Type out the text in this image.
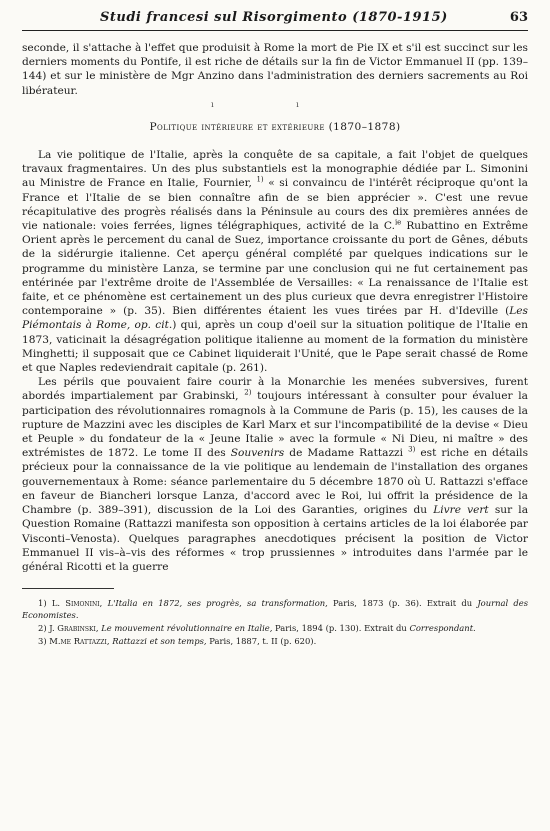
Studi francesi sul Risorgimento (1870-1915)	63

seconde, il s'attache à l'effet que produisit à Rome la mort de Pie IX et s'il est succinct sur les derniers moments du Pontife, il est riche de détails sur la fin de Victor Emmanuel II (pp. 139–144) et sur le ministère de Mgr Anzino dans l'administration des derniers sacrements au Roi libérateur.

ı ı
Politique intérieure et extérieure (1870–1878)

La vie politique de l'Italie, après la conquête de sa capitale, a fait l'objet de quelques travaux fragmentaires. Un des plus substantiels est la monographie dédiée par L. Simonini au Ministre de France en Italie, Fournier, $^{1)}$ « si convaincu de l'intérêt réciproque qu'ont la France et l'Italie de se bien connaître afin de se bien apprécier ». C'est une revue récapitulative des progrès réalisés dans la Péninsule au cours des dix premières années de vie nationale: voies ferrées, lignes télégraphiques, activité de la C.$^{ie}$ Rubattino en Extrême Orient après le percement du canal de Suez, importance croissante du port de Gênes, débuts de la sidérurgie italienne. Cet aperçu général complété par quelques indications sur le programme du ministère Lanza, se termine par une conclusion qui ne fut certainement pas entérinée par l'extrême droite de l'Assemblée de Versailles: « La renaissance de l'Italie est faite, et ce phénomène est certainement un des plus curieux que devra enregistrer l'Histoire contemporaine » (p. 35). Bien différentes étaient les vues tirées par H. d'Ideville (Les Piémontais à Rome, op. cit.) qui, après un coup d'oeil sur la situation politique de l'Italie en 1873, vaticinait la désagrégation politique italienne au moment de la formation du ministère Minghetti; il supposait que ce Cabinet liquiderait l'Unité, que le Pape serait chassé de Rome et que Naples redeviendrait capitale (p. 261).

Les périls que pouvaient faire courir à la Monarchie les menées subversives, furent abordés impartialement par Grabinski, $^{2)}$ toujours intéressant à consulter pour évaluer la participation des révolutionnaires romagnols à la Commune de Paris (p. 15), les causes de la rupture de Mazzini avec les disciples de Karl Marx et sur l'incompatibilité de la devise « Dieu et Peuple » du fondateur de la « Jeune Italie » avec la formule « Ni Dieu, ni maître » des extrémistes de 1872. Le tome II des Souvenirs de Madame Rattazzi $^{3)}$ est riche en détails précieux pour la connaissance de la vie politique au lendemain de l'installation des organes gouvernementaux à Rome: séance parlementaire du 5 décembre 1870 où U. Rattazzi s'efface en faveur de Biancheri lorsque Lanza, d'accord avec le Roi, lui offrit la présidence de la Chambre (p. 389–391), discussion de la Loi des Garanties, origines du Livre vert sur la Question Romaine (Rattazzi manifesta son opposition à certains articles de la loi élaborée par Visconti–Venosta). Quelques paragraphes anecdotiques précisent la position de Victor Emmanuel II vis–à–vis des réformes « trop prussiennes » introduites dans l'armée par le général Ricotti et la guerre

1) L. Simonini, L'Italia en 1872, ses progrès, sa transformation, Paris, 1873 (p. 36). Extrait du Journal des Economistes.

2) J. Grabinski, Le mouvement révolutionnaire en Italie, Paris, 1894 (p. 130). Extrait du Correspondant.

3) M.me Rattazzi, Rattazzi et son temps, Paris, 1887, t. II (p. 620).
